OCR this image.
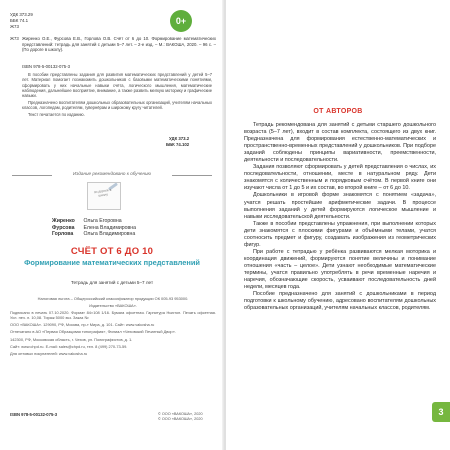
УДК 373.29
ББК 74.1
Ж73
0+
Ж73 Жиренко О.Е., Фурсова Е.В., Горлова О.В. Счёт от 6 до 10. Формирование математических представлений: тетрадь для занятий с детьми 5–7 лет. – 2-е изд. – М.: ВАКОША, 2020. – 96 с. – (По дороге в школу).
ISBN 978-5-00132-075-3

В пособии представлены задания для развития математических представлений у детей 5–7 лет. Материал помогает познакомить дошкольников с базовыми математическими понятиями, сформировать у них начальные навыки счёта, логического мышления, математические наблюдения, дальнейшее восприятие, внимание, а также развить мелкую моторику и графические навыки.

Предназначено воспитателям дошкольных образовательных организаций, учителям начальных классов, логопедам, родителям, гувернёрам и широкому кругу читателей.

Текст печатается по изданию.

УДК 373.2
ББК 74.102
Издание рекомендовано к обучению
по дороге в школу
Жиренко Ольга Егоровна
Фурсова Елена Владимировна
Горлова Ольга Владимировна
СЧЁТ ОТ 6 ДО 10
Формирование математических представлений
Тетрадь для занятий с детьми 5–7 лет

Налоговая льгота – Общероссийский классификатор продукции ОК 005-93 953000.

Издательство «ВАКОША».

Подписано в печать 07.10.2020. Формат 84×108 1/16. Бумага офсетная. Гарнитура Ньютон. Печать офсетная. Усл. печ. л. 10,08. Тираж 5000 экз. Заказ №

ООО «ВАКОША». 129090, РФ, Москва, пр-т Мира, д. 101. Сайт: www.vakosha.ru

Отпечатано в АО «Первая Образцовая типография», Филиал «Чеховский Печатный Двор».

142300, РФ, Московская область, г. Чехов, ул. Полиграфистов, д. 1.

Сайт: www.chpd.ru. E-mail: sales@chpd.ru, тел. 8 (499) 270-73-59.

Для оптовых покупателей: www.vakosha.ru

ISBN 978-5-00132-075-3	© ООО «ВАКОША», 2020
© ООО «ВАКОША», 2020
ОТ АВТОРОВ

Тетрадь рекомендована для занятий с детьми старшего дошкольного возраста (5–7 лет), входит в состав комплекта, состоящего из двух книг. Предназначена для формирования естественно-математических и пространственно-временных представлений у дошкольников. При подборе заданий соблюдены принципы вариативности, преемственности, деятельности и последовательности.

Задания позволяют сформировать у детей представления о числах, их последовательности, отношении, месте в натуральном ряду. Дети знакомятся с количественным и порядковым счётом. В первой книге они изучают числа от 1 до 5 и их состав, во второй книге – от 6 до 10.

Дошкольники в игровой форме знакомятся с понятием «задача», учатся решать простейшие арифметические задачи. В процессе выполнения заданий у детей формируются логическое мышление и навыки исследовательской деятельности.

Также в пособии представлены упражнения, при выполнении которых дети знакомятся с плоскими фигурами и объёмными телами, учатся соотносить предмет и фигуру, создавать изображения из геометрических фигур.

При работе с тетрадью у ребёнка развиваются мелкая моторика и координация движений, формируются понятие величины и понимание отношения «часть – целое». Дети узнают необходимые математические термины, учатся правильно употреблять в речи временные наречия и наречия, обозначающие скорость, усваивают последовательность дней недели, месяцев года.

Пособие предназначено для занятий с дошкольниками в период подготовки к школьному обучению, адресовано воспитателям дошкольных образовательных организаций, учителям начальных классов, родителям.

3
